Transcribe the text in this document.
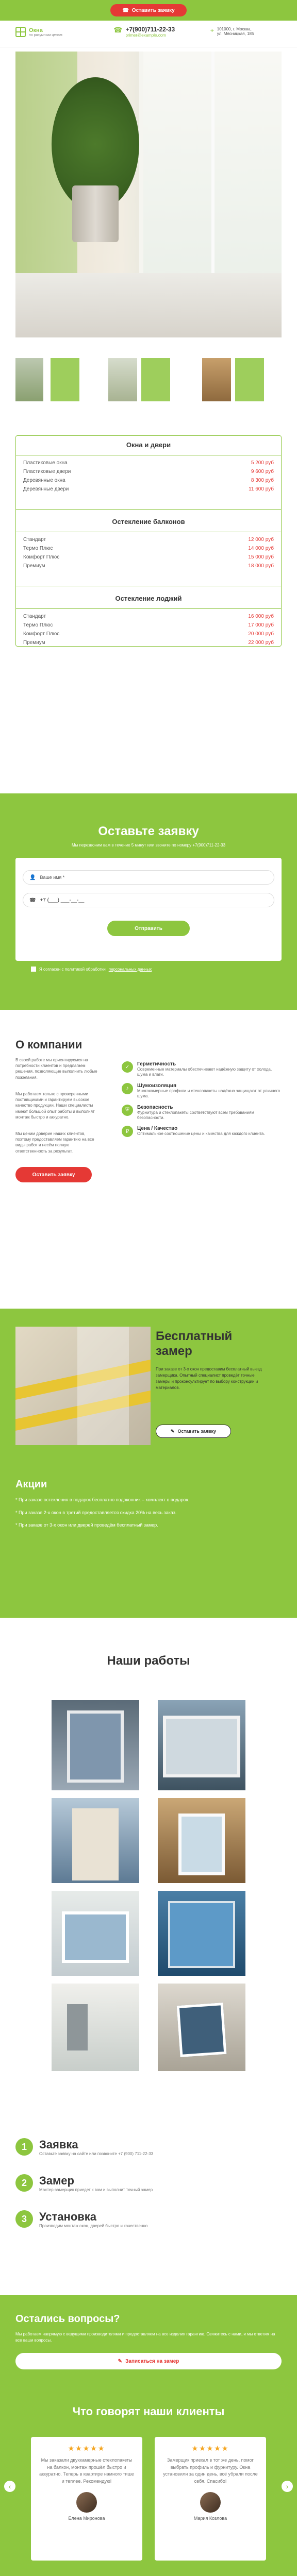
☎ Оставить заявку
Окна
по разумным ценам
☎ +7(900)711-22-33
primer@example.com
⌖ 101000, г. Москва,
ул. Мясницкая, 185
Окна и двери
Пластиковые окна	5 200 руб
Пластиковые двери	9 600 руб
Деревянные окна	8 300 руб
Деревянные двери	11 600 руб
Остекление балконов
Стандарт	12 000 руб
Термо Плюс	14 000 руб
Комфорт Плюс	15 000 руб
Премиум	18 000 руб
Остекление лоджий
Стандарт	16 000 руб
Термо Плюс	17 000 руб
Комфорт Плюс	20 000 руб
Премиум	22 000 руб
Оставьте заявку
Мы перезвоним вам в течение 5 минут или звоните по номеру +7(900)711-22-33
👤 Ваше имя *
☎ +7 (___) ___-__-__
Отправить
Я согласен с политикой обработки персональных данных
О компании
В своей работе мы ориентируемся на потребности клиентов и предлагаем решения, позволяющие выполнить любые пожелания.
Мы работаем только с проверенными поставщиками и гарантируем высокое качество продукции. Наши специалисты имеют большой опыт работы и выполнят монтаж быстро и аккуратно.
Мы ценим доверие наших клиентов, поэтому предоставляем гарантию на все виды работ и несём полную ответственность за результат.
Оставить заявку
✓	Герметичность

Современные материалы обеспечивают надёжную защиту от холода, шума и влаги.

♪	Шумоизоляция

Многокамерные профили и стеклопакеты надёжно защищают от уличного шума.

⛨	Безопасность

Фурнитура и стеклопакеты соответствуют всем требованиям безопасности.

₽	Цена / Качество

Оптимальное соотношение цены и качества для каждого клиента.

Бесплатный
замер
При заказе от 3-х окон предоставим бесплатный выезд замерщика. Опытный специалист проведёт точные замеры и проконсультирует по выбору конструкции и материалов.
✎ Оставить заявку
Акции

* При заказе остекления в подарок бесплатно подоконник – комплект в подарок.

* При заказе 2-х окон в третий предоставляется скидка 20% на весь заказ.

* При заказе от 3-х окон или дверей проведём бесплатный замер.

Наши работы
1	Заявка

Оставьте заявку на сайте или позвоните +7 (900) 711-22-33

2	Замер

Мастер-замерщик приедет к вам и выполнит точный замер

3	Установка

Производим монтаж окон, дверей быстро и качественно

Остались вопросы?
Мы работаем напрямую с ведущими производителями и предоставляем на все изделия гарантию. Свяжитесь с нами, и мы ответим на все ваши вопросы.
✎ Записаться на замер
Что говорят наши клиенты
‹	›
★★★★★

Мы заказали двухкамерные стеклопакеты на балкон, монтаж прошёл быстро и аккуратно. Теперь в квартире намного тише и теплее. Рекомендую!

Елена Миронова
★★★★★

Замерщик приехал в тот же день, помог выбрать профиль и фурнитуру. Окна установили за один день, всё убрали после себя. Спасибо!

Мария Козлова
